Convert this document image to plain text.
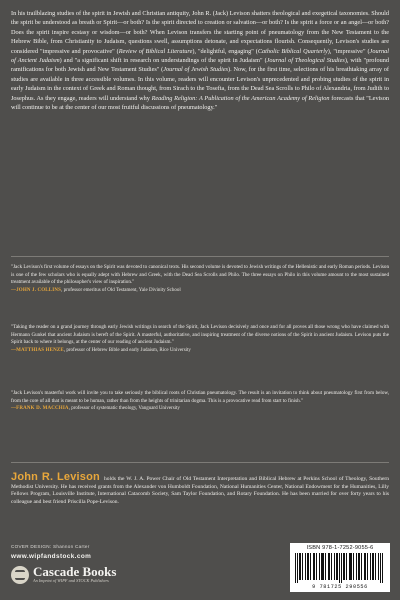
In his trailblazing studies of the spirit in Jewish and Christian antiquity, John R. (Jack) Levison shatters theological and exegetical taxonomies. Should the spirit be understood as breath or Spirit—or both? Is the spirit directed to creation or salvation—or both? Is the spirit a force or an angel—or both? Does the spirit inspire ecstasy or wisdom—or both? When Levison transfers the starting point of pneumatology from the New Testament to the Hebrew Bible, from Christianity to Judaism, questions swell, assumptions detonate, and expectations flourish. Consequently, Levison's studies are considered "impressive and provocative" (Review of Biblical Literature), "delightful, engaging" (Catholic Biblical Quarterly), "impressive" (Journal of Ancient Judaism) and "a significant shift in research on understandings of the spirit in Judaism" (Journal of Theological Studies), with "profound ramifications for both Jewish and New Testament Studies" (Journal of Jewish Studies). Now, for the first time, selections of his breathtaking array of studies are available in three accessible volumes. In this volume, readers will encounter Levison's unprecedented and probing studies of the spirit in early Judaism in the context of Greek and Roman thought, from Sirach to the Tosefta, from the Dead Sea Scrolls to Philo of Alexandria, from Judith to Josephus. As they engage, readers will understand why Reading Religion: A Publication of the American Academy of Religion forecasts that "Levison will continue to be at the center of our most fruitful discussions of pneumatology."
"Jack Levison's first volume of essays on the Spirit was devoted to canonical texts. His second volume is devoted to Jewish writings of the Hellenistic and early Roman periods. Levison is one of the few scholars who is equally adept with Hebrew and Greek, with the Dead Sea Scrolls and Philo. The three essays on Philo in this volume amount to the most sustained treatment available of the philosopher's view of inspiration."
—JOHN J. COLLINS, professor emeritus of Old Testament, Yale Divinity School
"Taking the reader on a grand journey through early Jewish writings in search of the Spirit, Jack Levison decisively and once and for all proves all those wrong who have claimed with Hermann Gunkel that ancient Judaism is bereft of the Spirit. A masterful, authoritative, and inspiring treatment of the diverse notions of the Spirit in ancient Judaism. Levison puts the Spirit back to where it belongs, at the center of our reading of ancient Judaism."
—MATTHIAS HENZE, professor of Hebrew Bible and early Judaism, Rice University
"Jack Levison's masterful work will invite you to take seriously the biblical roots of Christian pneumatology. The result is an invitation to think about pneumatology first from below, from the core of all that is meant to be human, rather than from the heights of trinitarian dogma. This is a provocative read from start to finish."
—FRANK D. MACCHIA, professor of systematic theology, Vanguard University
John R. Levison holds the W. J. A. Power Chair of Old Testament Interpretation and Biblical Hebrew at Perkins School of Theology, Southern Methodist University. He has received grants from the Alexander von Humboldt Foundation, National Humanities Center, National Endowment for the Humanities, Lilly Fellows Program, Louisville Institute, International Catacomb Society, Sam Taylor Foundation, and Rotary Foundation. He has been married for over forty years to his colleague and best friend Priscilla Pope-Levison.
COVER DESIGN: Shannon Carter
www.wipfandstock.com
Cascade Books
An Imprint of WIPF and STOCK Publishers
ISBN 978-1-7252-9055-6
9 781725 290556
